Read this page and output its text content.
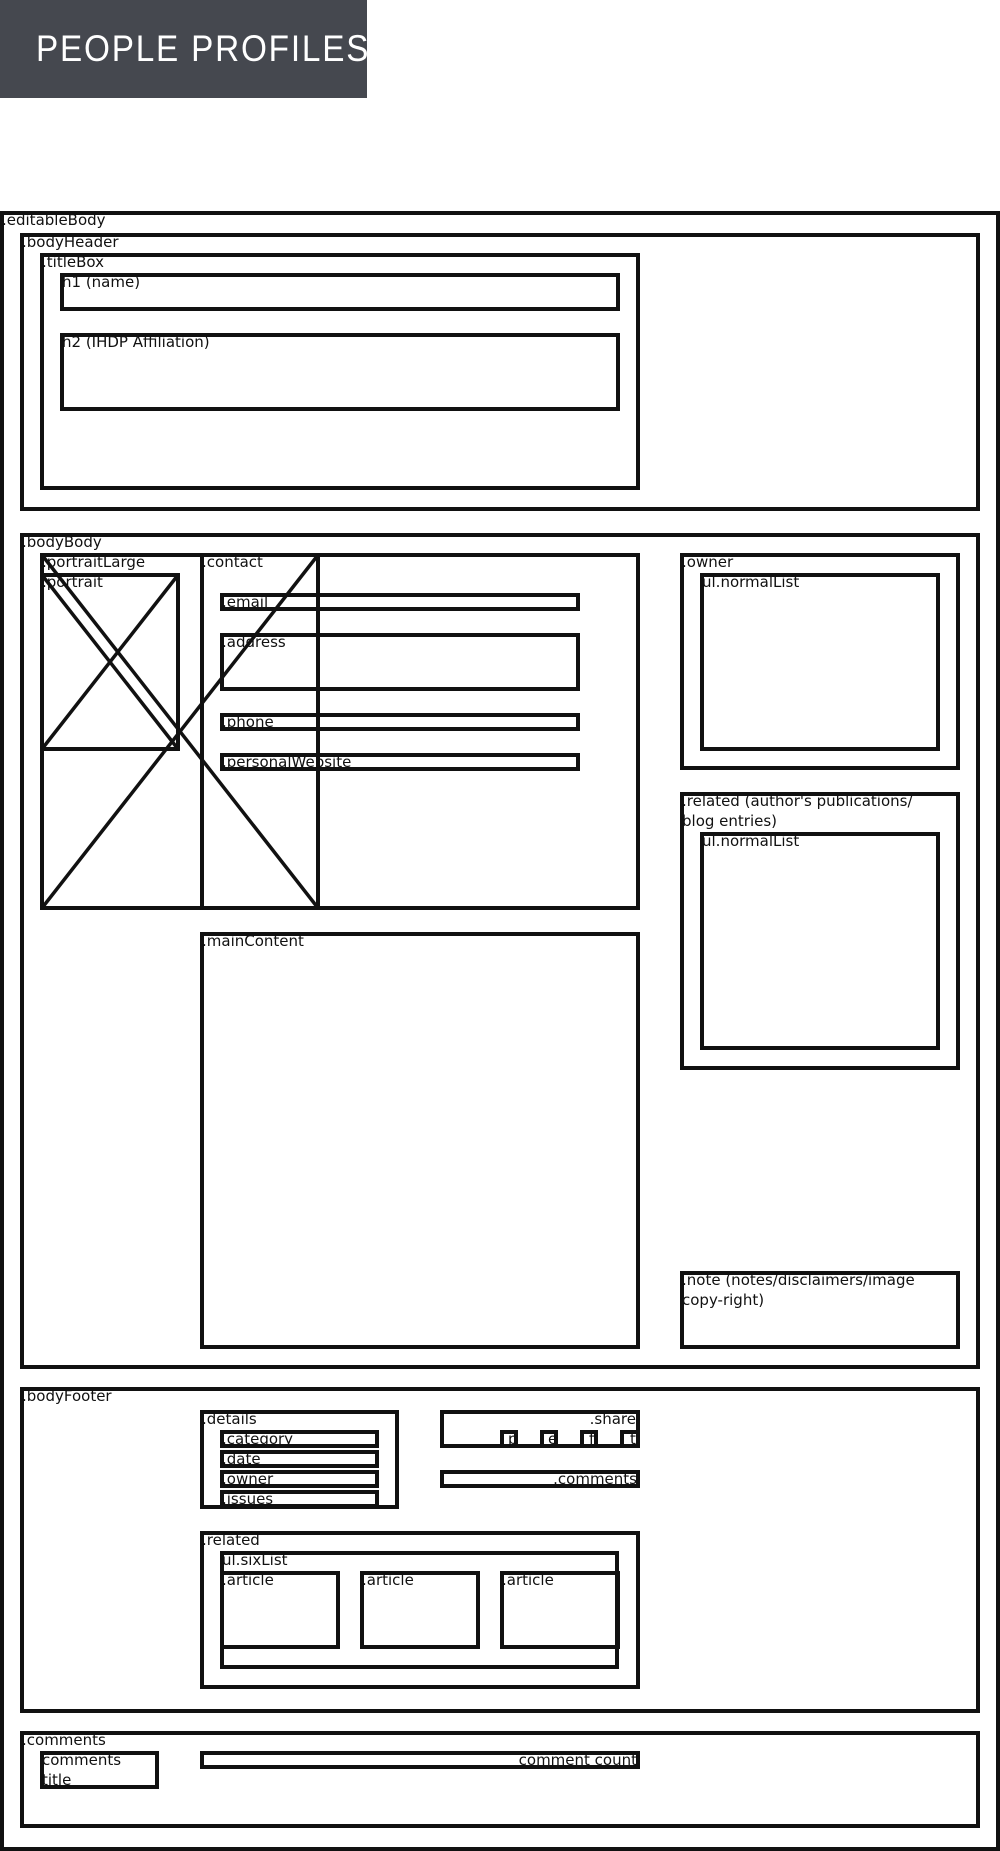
PEOPLE PROFILES
.editableBody
.bodyHeader
.titleBox
h1 (name)
h2 (IHDP Affiliation)
.bodyBody
.portraitLarge
.portrait
.contact
.email
.address
.phone
.personalWebsite
.owner
ul.normalList
.related (author's publications/ blog entries)
ul.normalList
.mainContent
.note (notes/disclaimers/image copy-right)
.bodyFooter
.details
.category
.date
.owner
.issues
.share
p e f t
.comments
.related
ul.sixList
.article	.article	.article
.comments
comments title
comment count
